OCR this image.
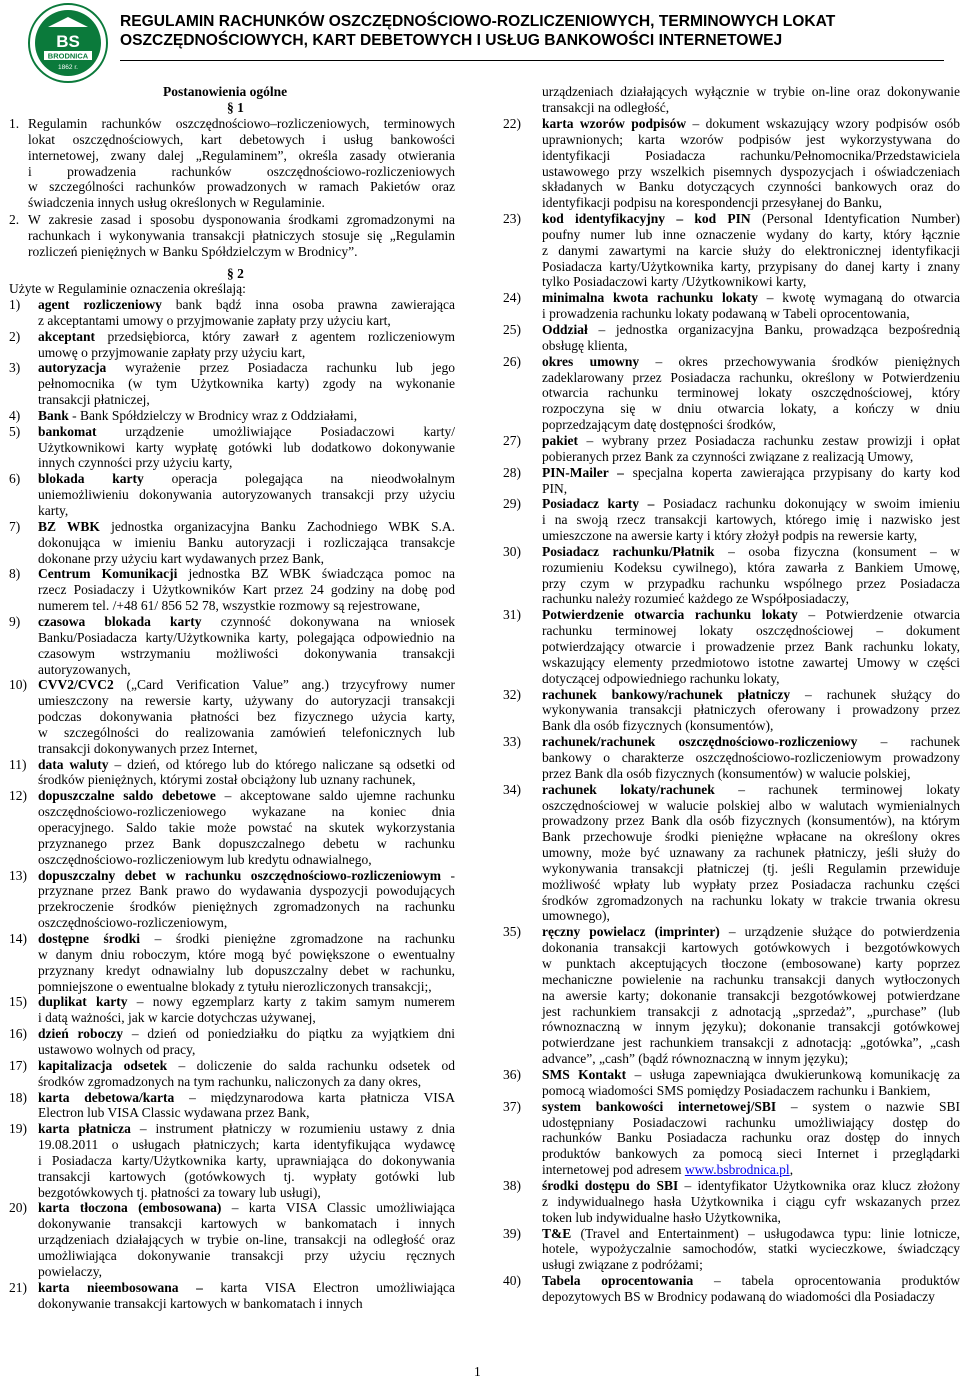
BS
BRODNICA
1862 r.
REGULAMIN RACHUNKÓW OSZCZĘDNOŚCIOWO-ROZLICZENIOWYCH, TERMINOWYCH LOKAT
OSZCZĘDNOŚCIOWYCH, KART DEBETOWYCH I USŁUG BANKOWOŚCI INTERNETOWEJ
Postanowienia ogólne
§ 1
1. Regulamin rachunków oszczędnościowo–rozliczeniowych, terminowych
lokat oszczędnościowych, kart debetowych i usług bankowości
internetowej, zwany dalej „Regulaminem”, określa zasady otwierania
i prowadzenia rachunków oszczędnościowo-rozliczeniowych
w szczególności rachunków prowadzonych w ramach Pakietów oraz
świadczenia innych usług określonych w Regulaminie.
2. W zakresie zasad i sposobu dysponowania środkami zgromadzonymi na
rachunkach i wykonywania transakcji płatniczych stosuje się „Regulamin
rozliczeń pieniężnych w Banku Spółdzielczym w Brodnicy”.
§ 2
Użyte w Regulaminie oznaczenia określają:
1) agent rozliczeniowy bank bądź inna osoba prawna zawierająca
z akceptantami umowy o przyjmowanie zapłaty przy użyciu kart,
2) akceptant przedsiębiorca, który zawarł z agentem rozliczeniowym
umowę o przyjmowanie zapłaty przy użyciu kart,
3) autoryzacja wyrażenie przez Posiadacza rachunku lub jego
pełnomocnika (w tym Użytkownika karty) zgody na wykonanie
transakcji płatniczej,
4) Bank - Bank Spółdzielczy w Brodnicy wraz z Oddziałami,
5) bankomat urządzenie umożliwiające Posiadaczowi karty/
Użytkownikowi karty wypłatę gotówki lub dodatkowo dokonywanie
innych czynności przy użyciu karty,
6) blokada karty operacja polegająca na nieodwołalnym
uniemożliwieniu dokonywania autoryzowanych transakcji przy użyciu
karty,
7) BZ WBK jednostka organizacyjna Banku Zachodniego WBK S.A.
dokonująca w imieniu Banku autoryzacji i rozliczająca transakcje
dokonane przy użyciu kart wydawanych przez Bank,
8) Centrum Komunikacji jednostka BZ WBK świadcząca pomoc na
rzecz Posiadaczy i Użytkowników Kart przez 24 godziny na dobę pod
numerem tel. /+48 61/ 856 52 78, wszystkie rozmowy są rejestrowane,
9) czasowa blokada karty czynność dokonywana na wniosek
Banku/Posiadacza karty/Użytkownika karty, polegająca odpowiednio na
czasowym wstrzymaniu możliwości dokonywania transakcji
autoryzowanych,
10) CVV2/CVC2 („Card Verification Value” ang.) trzycyfrowy numer
umieszczony na rewersie karty, używany do autoryzacji transakcji
podczas dokonywania płatności bez fizycznego użycia karty,
w szczególności do realizowania zamówień telefonicznych lub
transakcji dokonywanych przez Internet,
11) data waluty – dzień, od którego lub do którego naliczane są odsetki od
środków pieniężnych, którymi został obciążony lub uznany rachunek,
12) dopuszczalne saldo debetowe – akceptowane saldo ujemne rachunku
oszczędnościowo-rozliczeniowego wykazane na koniec dnia
operacyjnego. Saldo takie może powstać na skutek wykorzystania
przyznanego przez Bank dopuszczalnego debetu w rachunku
oszczędnościowo-rozliczeniowym lub kredytu odnawialnego,
13) dopuszczalny debet w rachunku oszczędnościowo-rozliczeniowym -
przyznane przez Bank prawo do wydawania dyspozycji powodujących
przekroczenie środków pieniężnych zgromadzonych na rachunku
oszczędnościowo-rozliczeniowym,
14) dostępne środki – środki pieniężne zgromadzone na rachunku
w danym dniu roboczym, które mogą być powiększone o ewentualny
przyznany kredyt odnawialny lub dopuszczalny debet w rachunku,
pomniejszone o ewentualne blokady z tytułu nierozliczonych transakcji;,
15) duplikat karty – nowy egzemplarz karty z takim samym numerem
i datą ważności, jak w karcie dotychczas używanej,
16) dzień roboczy – dzień od poniedziałku do piątku za wyjątkiem dni
ustawowo wolnych od pracy,
17) kapitalizacja odsetek – doliczenie do salda rachunku odsetek od
środków zgromadzonych na tym rachunku, naliczonych za dany okres,
18) karta debetowa/karta – międzynarodowa karta płatnicza VISA
Electron lub VISA Classic wydawana przez Bank,
19) karta płatnicza – instrument płatniczy w rozumieniu ustawy z dnia
19.08.2011 o usługach płatniczych; karta identyfikująca wydawcę
i Posiadacza karty/Użytkownika karty, uprawniająca do dokonywania
transakcji kartowych (gotówkowych tj. wypłaty gotówki lub
bezgotówkowych tj. płatności za towary lub usługi),
20) karta tłoczona (embosowana) – karta VISA Classic umożliwiająca
dokonywanie transakcji kartowych w bankomatach i innych
urządzeniach działających w trybie on-line, transakcji na odległość oraz
umożliwiająca dokonywanie transakcji przy użyciu ręcznych
powielaczy,
21) karta nieembosowana – karta VISA Electron umożliwiająca
dokonywanie transakcji kartowych w bankomatach i innych
urządzeniach działających wyłącznie w trybie on-line oraz dokonywanie
transakcji na odległość,
22) karta wzorów podpisów – dokument wskazujący wzory podpisów osób
uprawnionych; karta wzorów podpisów jest wykorzystywana do
identyfikacji Posiadacza rachunku/Pełnomocnika/Przedstawiciela
ustawowego przy wszelkich pisemnych dyspozycjach i oświadczeniach
składanych w Banku dotyczących czynności bankowych oraz do
identyfikacji podpisu na korespondencji przesyłanej do Banku,
23) kod identyfikacyjny – kod PIN (Personal Identyfication Number)
poufny numer lub inne oznaczenie wydany do karty, który łącznie
z danymi zawartymi na karcie służy do elektronicznej identyfikacji
Posiadacza karty/Użytkownika karty, przypisany do danej karty i znany
tylko Posiadaczowi karty /Użytkownikowi karty,
24) minimalna kwota rachunku lokaty – kwotę wymaganą do otwarcia
i prowadzenia rachunku lokaty podawaną w Tabeli oprocentowania,
25) Oddział – jednostka organizacyjna Banku, prowadząca bezpośrednią
obsługę klienta,
26) okres umowny – okres przechowywania środków pieniężnych
zadeklarowany przez Posiadacza rachunku, określony w Potwierdzeniu
otwarcia rachunku terminowej lokaty oszczędnościowej, który
rozpoczyna się w dniu otwarcia lokaty, a kończy w dniu
poprzedzającym datę dostępności środków,
27) pakiet – wybrany przez Posiadacza rachunku zestaw prowizji i opłat
pobieranych przez Bank za czynności związane z realizacją Umowy,
28) PIN-Mailer – specjalna koperta zawierająca przypisany do karty kod
PIN,
29) Posiadacz karty – Posiadacz rachunku dokonujący w swoim imieniu
i na swoją rzecz transakcji kartowych, którego imię i nazwisko jest
umieszczone na awersie karty i który złożył podpis na rewersie karty,
30) Posiadacz rachunku/Płatnik – osoba fizyczna (konsument – w
rozumieniu Kodeksu cywilnego), która zawarła z Bankiem Umowę,
przy czym w przypadku rachunku wspólnego przez Posiadacza
rachunku należy rozumieć każdego ze Współposiadaczy,
31) Potwierdzenie otwarcia rachunku lokaty – Potwierdzenie otwarcia
rachunku terminowej lokaty oszczędnościowej – dokument
potwierdzający otwarcie i prowadzenie przez Bank rachunku lokaty,
wskazujący elementy przedmiotowo istotne zawartej Umowy w części
dotyczącej odpowiedniego rachunku lokaty,
32) rachunek bankowy/rachunek płatniczy – rachunek służący do
wykonywania transakcji płatniczych oferowany i prowadzony przez
Bank dla osób fizycznych (konsumentów),
33) rachunek/rachunek oszczędnościowo-rozliczeniowy – rachunek
bankowy o charakterze oszczędnościowo-rozliczeniowym prowadzony
przez Bank dla osób fizycznych (konsumentów) w walucie polskiej,
34) rachunek lokaty/rachunek – rachunek terminowej lokaty
oszczędnościowej w walucie polskiej albo w walutach wymienialnych
prowadzony przez Bank dla osób fizycznych (konsumentów), na którym
Bank przechowuje środki pieniężne wpłacane na określony okres
umowny, może być uznawany za rachunek płatniczy, jeśli służy do
wykonywania transakcji płatniczej (tj. jeśli Regulamin przewiduje
możliwość wpłaty lub wypłaty przez Posiadacza rachunku części
środków zgromadzonych na rachunku lokaty w trakcie trwania okresu
umownego),
35) ręczny powielacz (imprinter) – urządzenie służące do potwierdzenia
dokonania transakcji kartowych gotówkowych i bezgotówkowych
w punktach akceptujących tłoczone (embosowane) karty poprzez
mechaniczne powielenie na rachunku transakcji danych wytłoczonych
na awersie karty; dokonanie transakcji bezgotówkowej potwierdzane
jest rachunkiem transakcji z adnotacją „sprzedaż”, „purchase” (lub
równoznaczną w innym języku); dokonanie transakcji gotówkowej
potwierdzane jest rachunkiem transakcji z adnotacją: „gotówka”, „cash
advance”, „cash” (bądź równoznaczną w innym języku);
36) SMS Kontakt – usługa zapewniająca dwukierunkową komunikację za
pomocą wiadomości SMS pomiędzy Posiadaczem rachunku i Bankiem,
37) system bankowości internetowej/SBI – system o nazwie SBI
udostępniany Posiadaczowi rachunku umożliwiający dostęp do
rachunków Banku Posiadacza rachunku oraz dostęp do innych
produktów bankowych za pomocą sieci Internet i przeglądarki
internetowej pod adresem www.bsbrodnica.pl,
38) środki dostępu do SBI – identyfikator Użytkownika oraz klucz złożony
z indywidualnego hasła Użytkownika i ciągu cyfr wskazanych przez
token lub indywidualne hasło Użytkownika,
39) T&E (Travel and Entertainment) – usługodawca typu: linie lotnicze,
hotele, wypożyczalnie samochodów, statki wycieczkowe, świadczący
usługi związane z podróżami;
40) Tabela oprocentowania – tabela oprocentowania produktów
depozytowych BS w Brodnicy podawaną do wiadomości dla Posiadaczy
1
